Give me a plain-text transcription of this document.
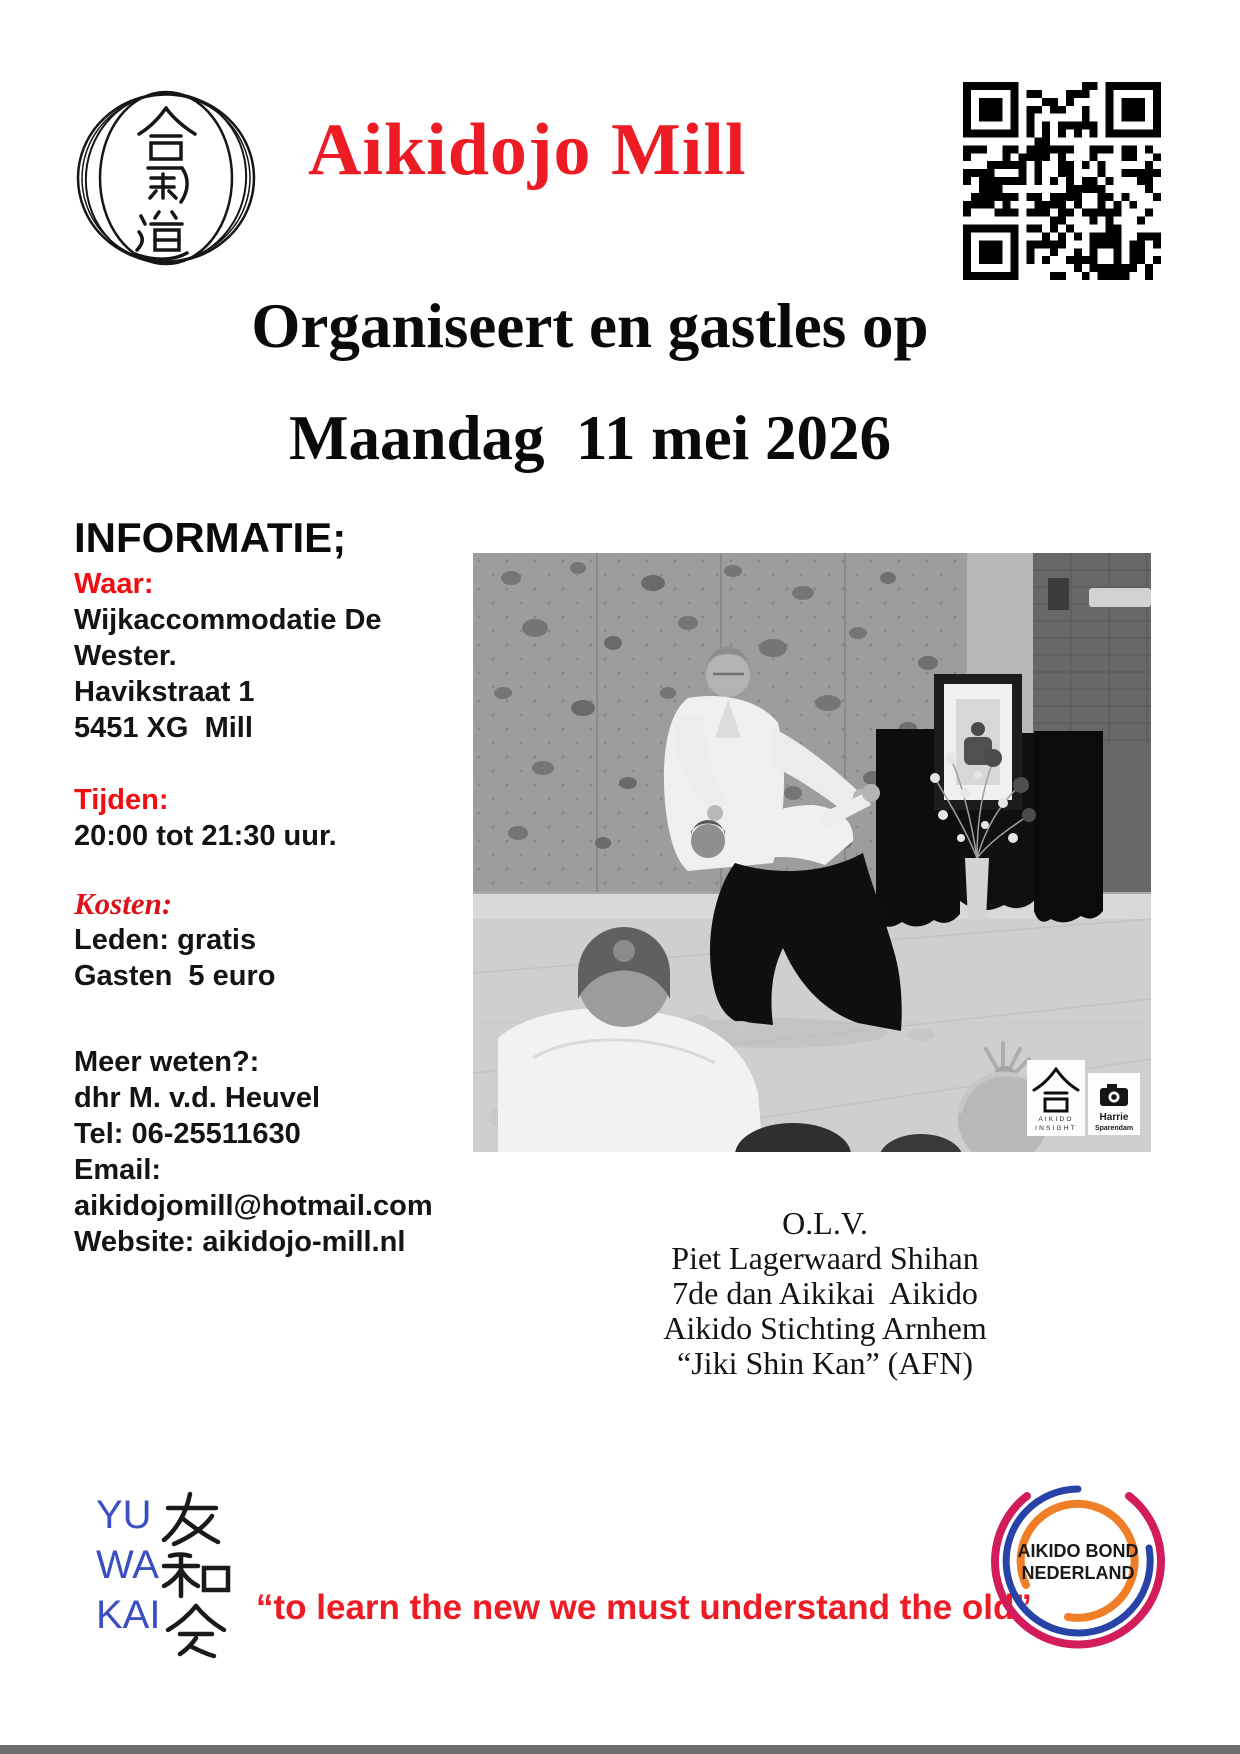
Aikidojo Mill
Organiseert en gastles op
Maandag  11 mei 2026
INFORMATIE;
Waar:
Wijkaccommodatie De Wester.
Havikstraat 1
5451 XG  Mill
Tijden:
20:00 tot 21:30 uur.
Kosten:
Leden: gratis
Gasten  5 euro
Meer weten?:
dhr M. v.d. Heuvel
Tel: 06-25511630
Email:
aikidojomill@hotmail.com
Website: aikidojo-mill.nl
AIKIDO
INSIGHT
Harrie
Sparendam
O.L.V.
Piet Lagerwaard Shihan
7de dan Aikikai  Aikido
Aikido Stichting Arnhem
“Jiki Shin Kan” (AFN)
YU
WA
KAI	“to learn the new we must understand the old”
AIKIDO BOND
NEDERLAND
